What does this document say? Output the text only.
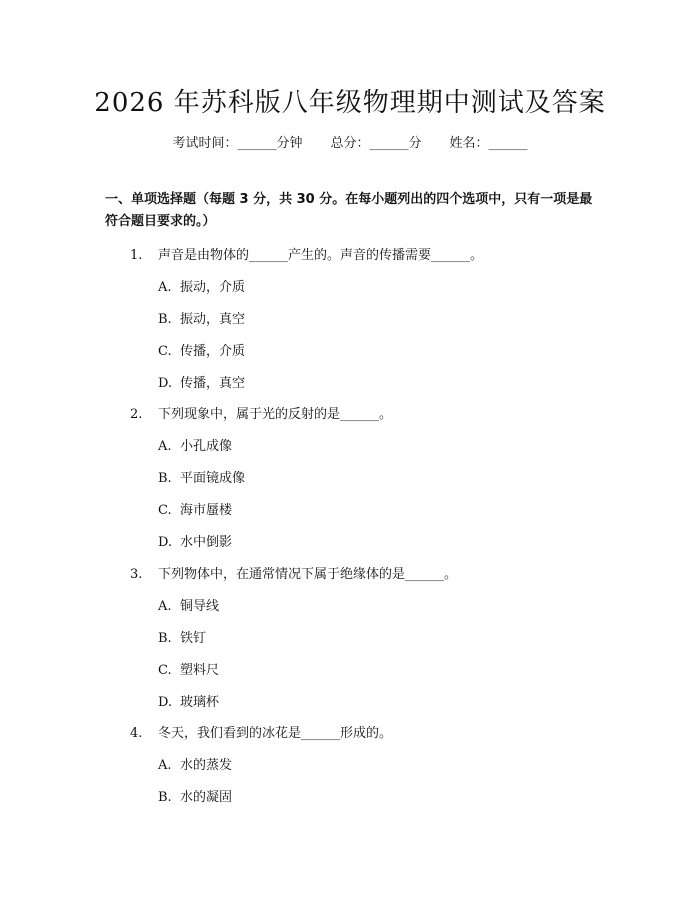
2026 年苏科版八年级物理期中测试及答案
考试时间：______分钟 总分：______分 姓名：______
一、单项选择题（每题 3 分，共 30 分。在每小题列出的四个选项中，只有一项是最符合题目要求的。）
1. 声音是由物体的______产生的。声音的传播需要______。
A. 振动，介质
B. 振动，真空
C. 传播，介质
D. 传播，真空
2. 下列现象中，属于光的反射的是______。
A. 小孔成像
B. 平面镜成像
C. 海市蜃楼
D. 水中倒影
3. 下列物体中，在通常情况下属于绝缘体的是______。
A. 铜导线
B. 铁钉
C. 塑料尺
D. 玻璃杯
4. 冬天，我们看到的冰花是______形成的。
A. 水的蒸发
B. 水的凝固
